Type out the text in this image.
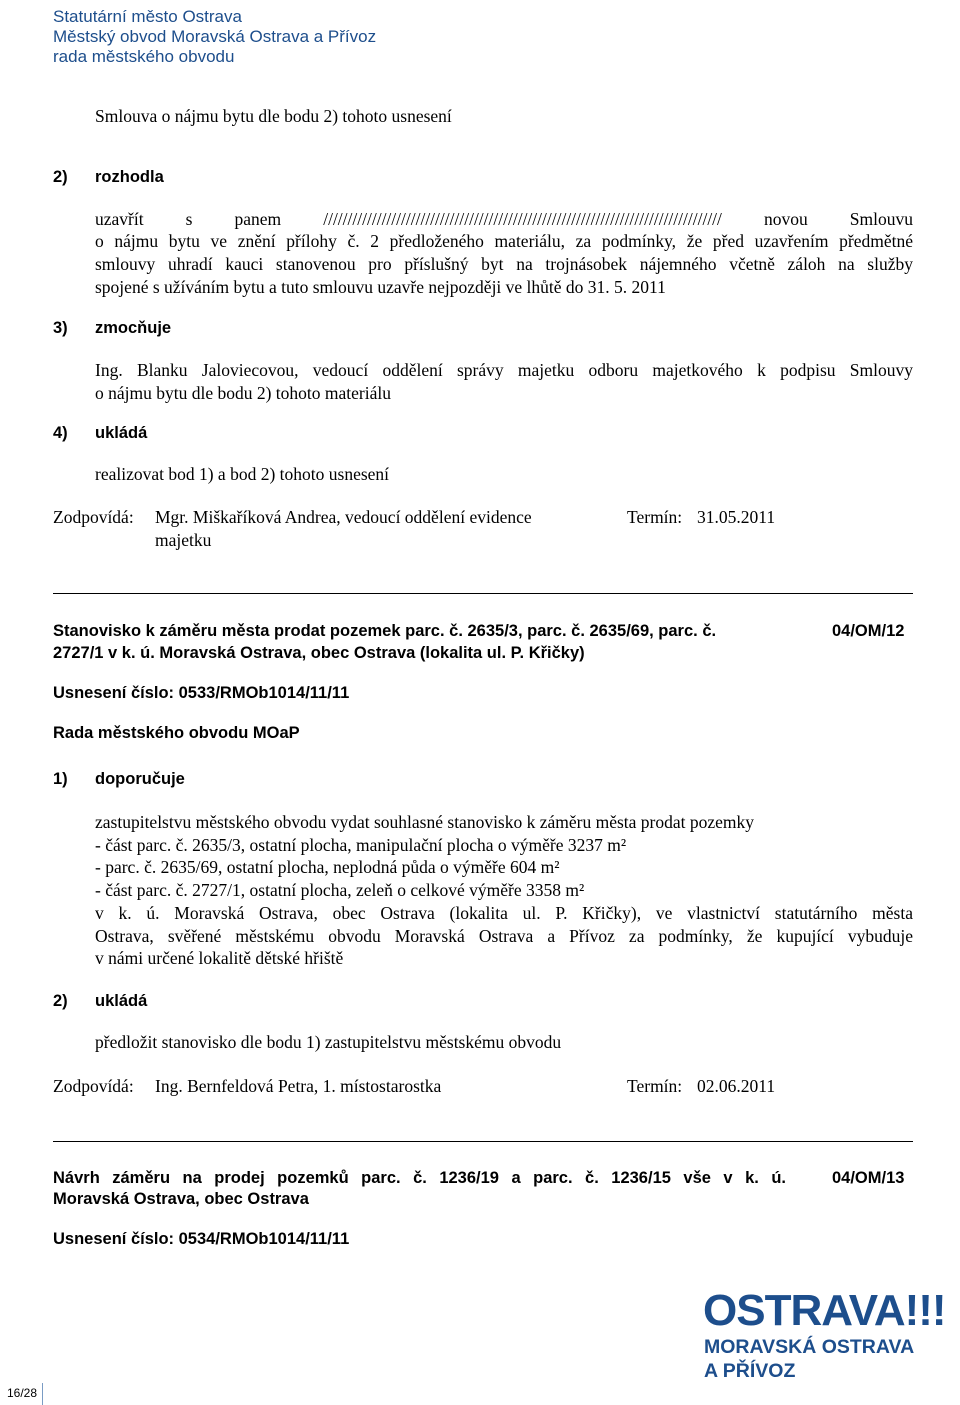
Statutární město Ostrava
Městský obvod Moravská Ostrava a Přívoz
rada městského obvodu
Smlouva o nájmu bytu dle bodu 2) tohoto usnesení
2) rozhodla
uzavřít s panem ////////////////////////////////////////////////////////////////////////////////// novou Smlouvu
o nájmu bytu ve znění přílohy č. 2 předloženého materiálu, za podmínky, že před uzavřením předmětné
smlouvy uhradí kauci stanovenou pro příslušný byt na trojnásobek nájemného včetně záloh na služby
spojené s užíváním bytu a tuto smlouvu uzavře nejpozději ve lhůtě do 31. 5. 2011
3) zmocňuje
Ing. Blanku Jaloviecovou, vedoucí oddělení správy majetku odboru majetkového k podpisu Smlouvy
o nájmu bytu dle bodu 2) tohoto materiálu
4) ukládá
realizovat bod 1) a bod 2) tohoto usnesení
Zodpovídá: Mgr. Miškaříková Andrea, vedoucí oddělení evidence
majetku
Termín: 31.05.2011
Stanovisko k záměru města prodat pozemek parc. č. 2635/3, parc. č. 2635/69, parc. č.
2727/1 v k. ú. Moravská Ostrava, obec Ostrava (lokalita ul. P. Křičky)
04/OM/12
Usnesení číslo: 0533/RMOb1014/11/11
Rada městského obvodu MOaP
1) doporučuje
zastupitelstvu městského obvodu vydat souhlasné stanovisko k záměru města prodat pozemky
- část parc. č. 2635/3, ostatní plocha, manipulační plocha o výměře 3237 m²
- parc. č. 2635/69, ostatní plocha, neplodná půda o výměře 604 m²
- část parc. č. 2727/1, ostatní plocha, zeleň o celkové výměře 3358 m²
v k. ú. Moravská Ostrava, obec Ostrava (lokalita ul. P. Křičky), ve vlastnictví statutárního města
Ostrava, svěřené městskému obvodu Moravská Ostrava a Přívoz za podmínky, že kupující vybuduje
v námi určené lokalitě dětské hřiště
2) ukládá
předložit stanovisko dle bodu 1) zastupitelstvu městskému obvodu
Zodpovídá: Ing. Bernfeldová Petra, 1. místostarostka	Termín: 02.06.2011
Návrh záměru na prodej pozemků parc. č. 1236/19 a parc. č. 1236/15 vše v k. ú.
Moravská Ostrava, obec Ostrava
04/OM/13
Usnesení číslo: 0534/RMOb1014/11/11
16/28
OSTRAVA!!!
MORAVSKÁ OSTRAVA
A PŘÍVOZ
